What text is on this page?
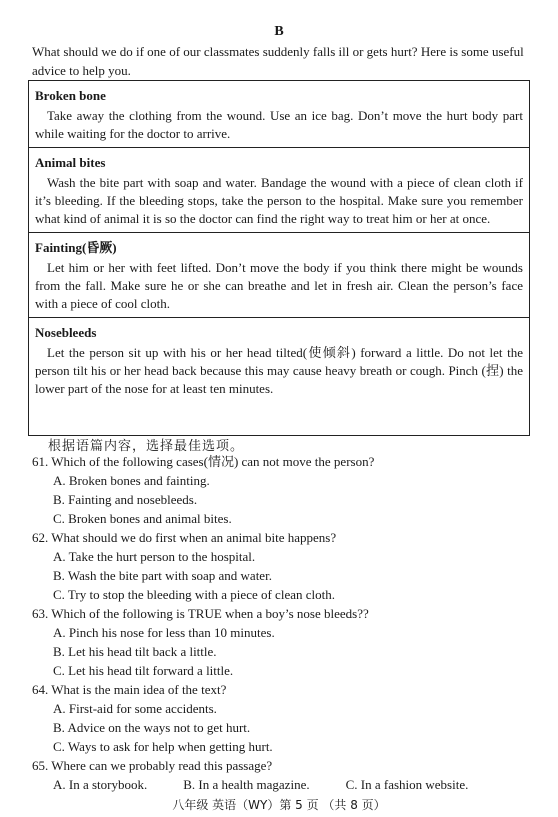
B
What should we do if one of our classmates suddenly falls ill or gets hurt? Here is some useful advice to help you.
Broken bone

Take away the clothing from the wound. Use an ice bag. Don’t move the hurt body part while waiting for the doctor to arrive.

Animal bites

Wash the bite part with soap and water. Bandage the wound with a piece of clean cloth if it’s bleeding. If the bleeding stops, take the person to the hospital. Make sure you remember what kind of animal it is so the doctor can find the right way to treat him or her at once.

Fainting(昏厥)

Let him or her with feet lifted. Don’t move the body if you think there might be wounds from the fall. Make sure he or she can breathe and let in fresh air. Clean the person’s face with a piece of cool cloth.

Nosebleeds

Let the person sit up with his or her head tilted(使倾斜) forward a little. Do not let the person tilt his or her head back because this may cause heavy breath or cough. Pinch (捏) the lower part of the nose for at least ten minutes.

根据语篇内容，选择最佳选项。
61. Which of the following cases(情况) can not move the person?
A. Broken bones and fainting.
B. Fainting and nosebleeds.
C. Broken bones and animal bites.
62. What should we do first when an animal bite happens?
A. Take the hurt person to the hospital.
B. Wash the bite part with soap and water.
C. Try to stop the bleeding with a piece of clean cloth.
63. Which of the following is TRUE when a boy’s nose bleeds??
A. Pinch his nose for less than 10 minutes.
B. Let his head tilt back a little.
C. Let his head tilt forward a little.
64. What is the main idea of the text?
A. First-aid for some accidents.
B. Advice on the ways not to get hurt.
C. Ways to ask for help when getting hurt.
65. Where can we probably read this passage?
A. In a storybook.	B. In a health magazine.	C. In a fashion website.
八年级 英语（WY）第 5 页 （共 8 页）
